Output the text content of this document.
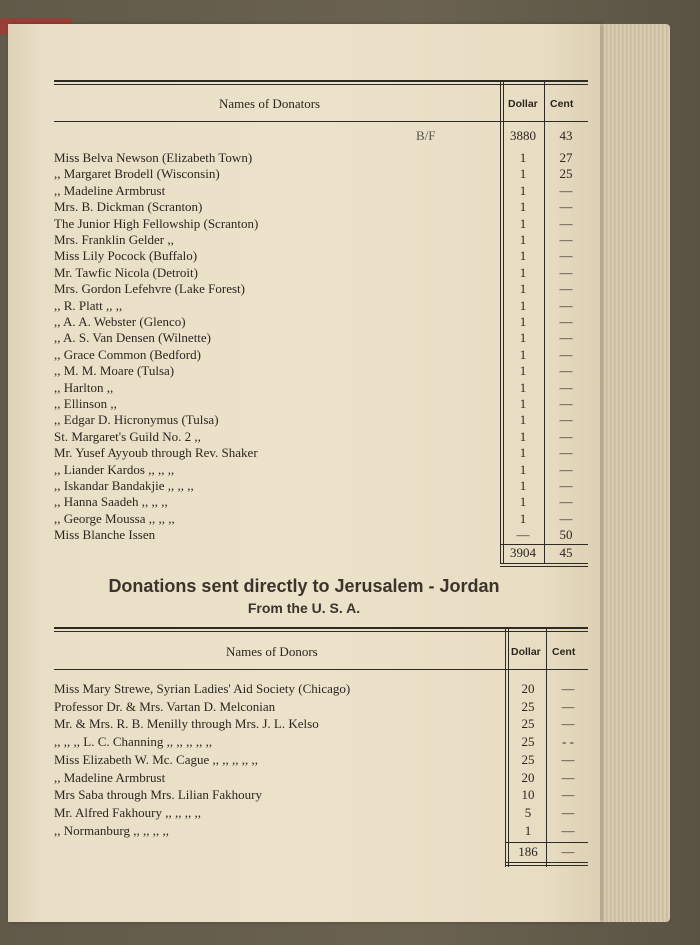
Names of Donators	Dollar Cent
B/F	3880	43
Miss Belva Newson (Elizabeth Town)	1	27
,, Margaret Brodell (Wisconsin)	1	25
,, Madeline Armbrust	1	—
Mrs. B. Dickman (Scranton)	1	—
The Junior High Fellowship (Scranton)	1	—
Mrs. Franklin Gelder ,,	1	—
Miss Lily Pocock (Buffalo)	1	—
Mr. Tawfic Nicola (Detroit)	1	—
Mrs. Gordon Lefehvre (Lake Forest)	1	—
,, R. Platt ,, ,,	1	—
,, A. A. Webster (Glenco)	1	—
,, A. S. Van Densen (Wilnette)	1	—
,, Grace Common (Bedford)	1	—
,, M. M. Moare (Tulsa)	1	—
,, Harlton ,,	1	—
,, Ellinson ,,	1	—
,, Edgar D. Hicronymus (Tulsa)	1	—
St. Margaret's Guild No. 2 ,,	1	—
Mr. Yusef Ayyoub through Rev. Shaker	1	—
,, Liander Kardos ,, ,, ,,	1	—
,, Iskandar Bandakjie ,, ,, ,,	1	—
,, Hanna Saadeh ,, ,, ,,	1	—
,, George Moussa ,, ,, ,,	1	—
Miss Blanche Issen	—	50
3904	45
Donations sent directly to Jerusalem - Jordan
From the U. S. A.
Names of Donors	Dollar Cent
Miss Mary Strewe, Syrian Ladies' Aid Society (Chicago)	20	—
Professor Dr. & Mrs. Vartan D. Melconian	25	—
Mr. & Mrs. R. B. Menilly through Mrs. J. L. Kelso	25	—
,, ,, ,, L. C. Channing ,, ,, ,, ,, ,,	25	- -
Miss Elizabeth W. Mc. Cague ,, ,, ,, ,, ,,	25	—
,, Madeline Armbrust	20	—
Mrs Saba through Mrs. Lilian Fakhoury	10	—
Mr. Alfred Fakhoury ,, ,, ,, ,,	5	—
,, Normanburg ,, ,, ,, ,,	1	—
186	—
